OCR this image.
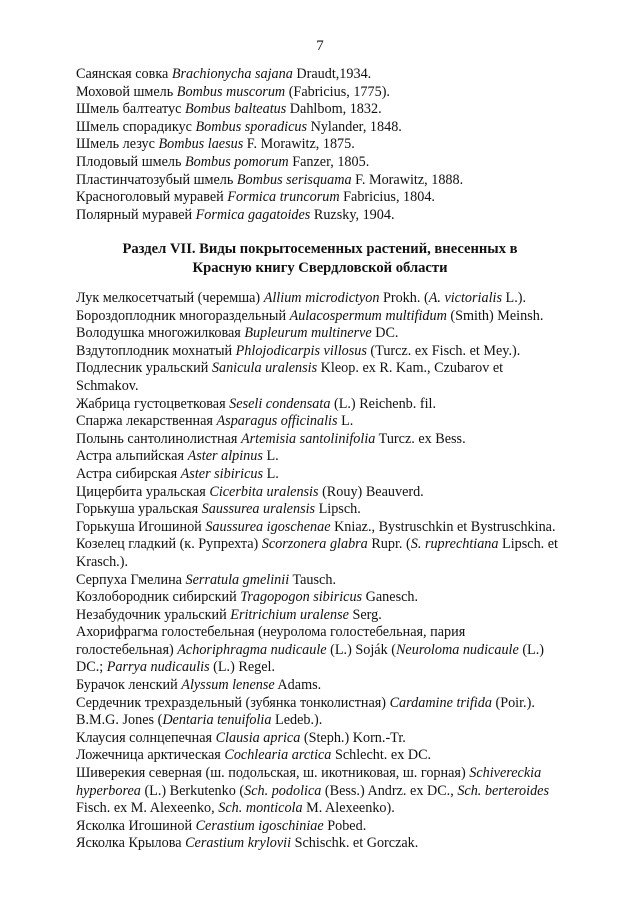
7
Саянская совка Brachionycha sajana Draudt,1934.
Моховой шмель Bombus muscorum (Fabricius, 1775).
Шмель балтеатус Bombus balteatus Dahlbom, 1832.
Шмель спорадикус Bombus sporadicus Nylander, 1848.
Шмель лезус Bombus laesus F. Morawitz, 1875.
Плодовый шмель Bombus pomorum Fanzer, 1805.
Пластинчатозубый шмель Bombus serisquama F. Morawitz, 1888.
Красноголовый муравей Formica truncorum Fabricius, 1804.
Полярный муравей Formica gagatoides Ruzsky, 1904.
Раздел VII. Виды покрытосеменных растений, внесенных в
Красную книгу Свердловской области
Лук мелкосетчатый (черемша) Allium microdictyon Prokh. (A. victorialis L.).
Бороздоплодник многораздельный Aulacospermum multifidum (Smith) Meinsh.
Володушка многожилковая Bupleurum multinerve DC.
Вздутоплодник мохнатый Phlojodicarpis villosus (Turcz. ex Fisch. et Mey.).
Подлесник уральский Sanicula uralensis Kleop. ex R. Kam., Czubarov et
Schmakov.
Жабрица густоцветковая Seseli condensata (L.) Reichenb. fil.
Спаржа лекарственная Asparagus officinalis L.
Полынь сантолинолистная Artemisia santolinifolia Turcz. ex Bess.
Астра альпийская Aster alpinus L.
Астра сибирская Aster sibiricus L.
Цицербита уральская Cicerbita uralensis (Rouy) Beauverd.
Горькуша уральская Saussurea uralensis Lipsch.
Горькуша Игошиной Saussurea igoschenae Kniaz., Bystruschkin et Bystruschkina.
Козелец гладкий (к. Рупрехта) Scorzonera glabra Rupr. (S. ruprechtiana Lipsch. et
Krasch.).
Серпуха Гмелина Serratula gmelinii Tausch.
Козлобородник сибирский Tragopogon sibiricus Ganesch.
Незабудочник уральский Eritrichium uralense Serg.
Ахорифрагма голостебельная (неуролома голостебельная, пария
голостебельная) Achoriphragma nudicaule (L.) Soják (Neuroloma nudicaule (L.)
DC.; Parrya nudicaulis (L.) Regel.
Бурачок ленский Alyssum lenense Adams.
Сердечник трехраздельный (зубянка тонколистная) Cardamine trifida (Poir.).
B.M.G. Jones (Dentaria tenuifolia Ledeb.).
Клаусия солнцепечная Clausia aprica (Steph.) Korn.-Tr.
Ложечница арктическая Cochlearia arctica Schlecht. ex DC.
Шиверекия северная (ш. подольская, ш. икотниковая, ш. горная) Schivereckia
hyperborea (L.) Berkutenko (Sch. podolica (Bess.) Andrz. ex DC., Sch. berteroides
Fisch. ex M. Alexeenko, Sch. monticola M. Alexeenko).
Ясколка Игошиной Cerastium igoschiniae Pobed.
Ясколка Крылова Cerastium krylovii Schischk. et Gorczak.
